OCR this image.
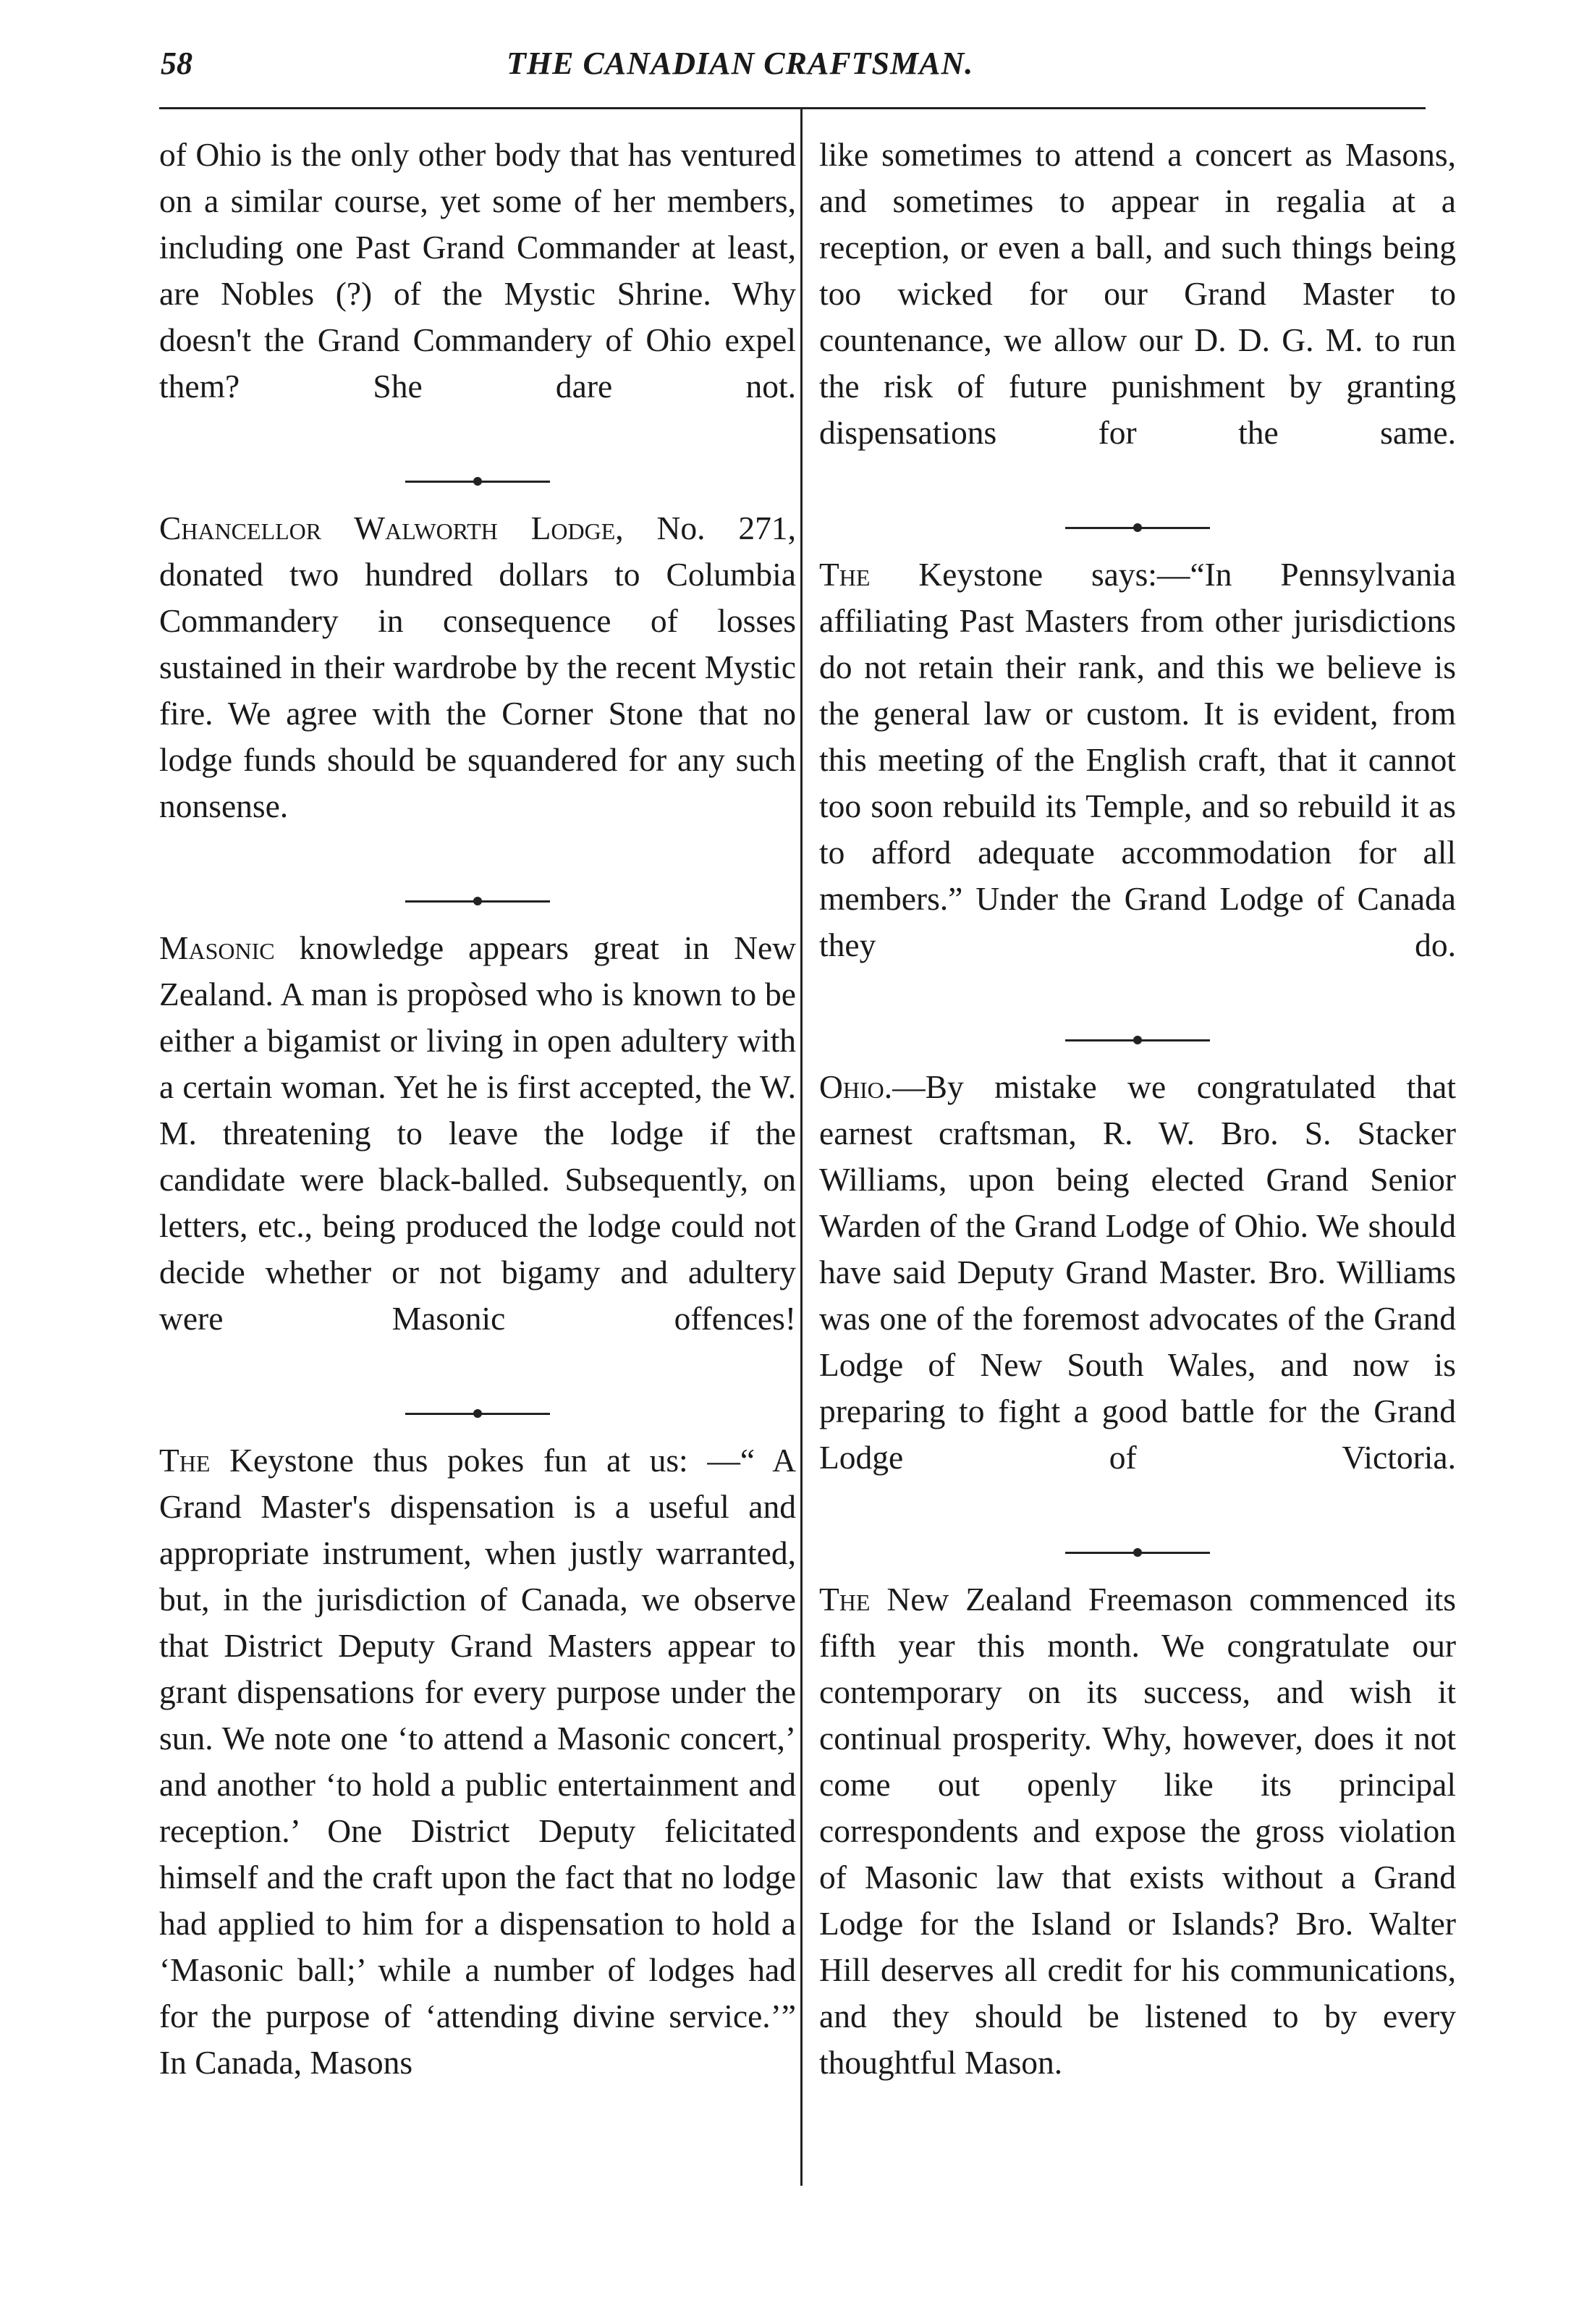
58	THE CANADIAN CRAFTSMAN.

of Ohio is the only other body that has ventured on a similar course, yet some of her members, including one Past Grand Commander at least, are Nobles (?) of the Mystic Shrine. Why doesn't the Grand Commandery of Ohio expel them? She dare not.

Chancellor Walworth Lodge, No. 271, donated two hundred dollars to Columbia Commandery in consequence of losses sustained in their wardrobe by the recent Mystic fire. We agree with the Corner Stone that no lodge funds should be squandered for any such nonsense.

Masonic knowledge appears great in New Zealand. A man is propòsed who is known to be either a bigamist or living in open adultery with a certain woman. Yet he is first accepted, the W. M. threatening to leave the lodge if the candidate were black-balled. Subsequently, on letters, etc., being produced the lodge could not decide whether or not bigamy and adultery were Masonic offences!

The Keystone thus pokes fun at us: —“ A Grand Master's dispensation is a useful and appropriate instrument, when justly warranted, but, in the jurisdiction of Canada, we observe that District Deputy Grand Masters appear to grant dispensations for every purpose under the sun. We note one ‘to attend a Masonic concert,’ and another ‘to hold a public entertainment and reception.’ One District Deputy felicitated himself and the craft upon the fact that no lodge had applied to him for a dispensation to hold a ‘Masonic ball;’ while a number of lodges had for the purpose of ‘attending divine service.’” In Canada, Masons

like sometimes to attend a concert as Masons, and sometimes to appear in regalia at a reception, or even a ball, and such things being too wicked for our Grand Master to countenance, we allow our D. D. G. M. to run the risk of future punishment by granting dispensations for the same.

The Keystone says:—“In Pennsylvania affiliating Past Masters from other jurisdictions do not retain their rank, and this we believe is the general law or custom. It is evident, from this meeting of the English craft, that it cannot too soon rebuild its Temple, and so rebuild it as to afford adequate accommodation for all members.” Under the Grand Lodge of Canada they do.

Ohio.—By mistake we congratulated that earnest craftsman, R. W. Bro. S. Stacker Williams, upon being elected Grand Senior Warden of the Grand Lodge of Ohio. We should have said Deputy Grand Master. Bro. Williams was one of the foremost advocates of the Grand Lodge of New South Wales, and now is preparing to fight a good battle for the Grand Lodge of Victoria.

The New Zealand Freemason commenced its fifth year this month. We congratulate our contemporary on its success, and wish it continual prosperity. Why, however, does it not come out openly like its principal correspondents and expose the gross violation of Masonic law that exists without a Grand Lodge for the Island or Islands? Bro. Walter Hill deserves all credit for his communications, and they should be listened to by every thoughtful Mason.
